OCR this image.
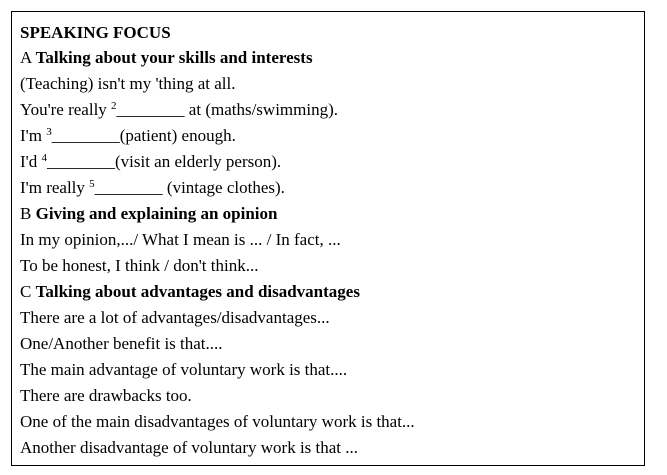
SPEAKING FOCUS
A Talking about your skills and interests
(Teaching) isn't my 'thing at all.
You're really $^2$________ at (maths/swimming).
I'm $^3$________(patient) enough.
I'd $^4$________(visit an elderly person).
I'm really $^5$________ (vintage clothes).
B Giving and explaining an opinion
In my opinion,.../ What I mean is ... / In fact, ...
To be honest, I think / don't think...
C Talking about advantages and disadvantages
There are a lot of advantages/disadvantages...
One/Another benefit is that....
The main advantage of voluntary work is that....
There are drawbacks too.
One of the main disadvantages of voluntary work is that...
Another disadvantage of voluntary work is that ...
